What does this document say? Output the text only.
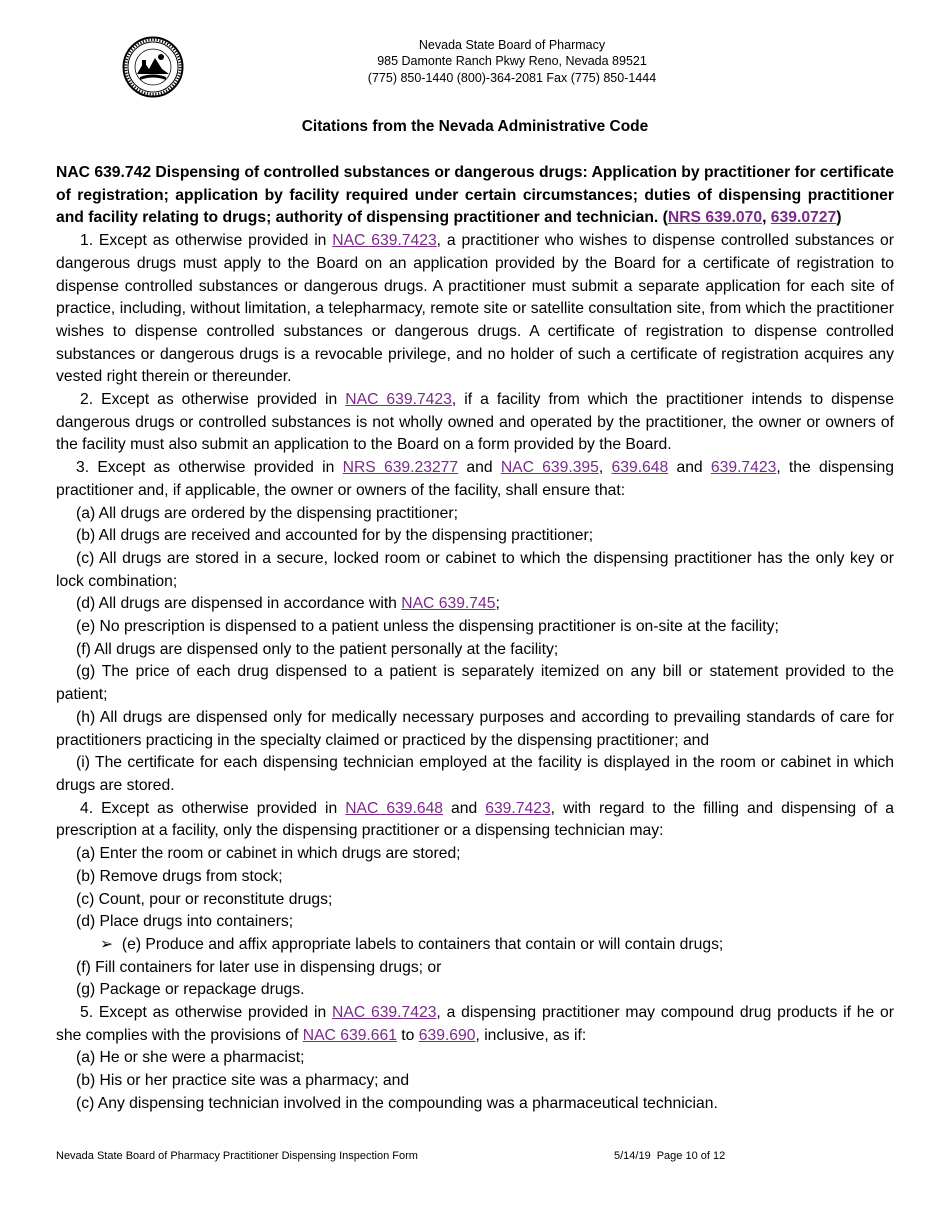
Nevada State Board of Pharmacy
985 Damonte Ranch Pkwy Reno, Nevada 89521
(775) 850-1440 (800)-364-2081 Fax (775) 850-1444
Citations from the Nevada Administrative Code

NAC 639.742 Dispensing of controlled substances or dangerous drugs: Application by practitioner for certificate of registration; application by facility required under certain circumstances; duties of dispensing practitioner and facility relating to drugs; authority of dispensing practitioner and technician. (NRS 639.070, 639.0727)

1. Except as otherwise provided in NAC 639.7423, a practitioner who wishes to dispense controlled substances or dangerous drugs must apply to the Board on an application provided by the Board for a certificate of registration to dispense controlled substances or dangerous drugs. A practitioner must submit a separate application for each site of practice, including, without limitation, a telepharmacy, remote site or satellite consultation site, from which the practitioner wishes to dispense controlled substances or dangerous drugs. A certificate of registration to dispense controlled substances or dangerous drugs is a revocable privilege, and no holder of such a certificate of registration acquires any vested right therein or thereunder.

2. Except as otherwise provided in NAC 639.7423, if a facility from which the practitioner intends to dispense dangerous drugs or controlled substances is not wholly owned and operated by the practitioner, the owner or owners of the facility must also submit an application to the Board on a form provided by the Board.

3. Except as otherwise provided in NRS 639.23277 and NAC 639.395, 639.648 and 639.7423, the dispensing practitioner and, if applicable, the owner or owners of the facility, shall ensure that:

(a) All drugs are ordered by the dispensing practitioner;

(b) All drugs are received and accounted for by the dispensing practitioner;

(c) All drugs are stored in a secure, locked room or cabinet to which the dispensing practitioner has the only key or lock combination;

(d) All drugs are dispensed in accordance with NAC 639.745;

(e) No prescription is dispensed to a patient unless the dispensing practitioner is on-site at the facility;

(f) All drugs are dispensed only to the patient personally at the facility;

(g) The price of each drug dispensed to a patient is separately itemized on any bill or statement provided to the patient;

(h) All drugs are dispensed only for medically necessary purposes and according to prevailing standards of care for practitioners practicing in the specialty claimed or practiced by the dispensing practitioner; and

(i) The certificate for each dispensing technician employed at the facility is displayed in the room or cabinet in which drugs are stored.

4. Except as otherwise provided in NAC 639.648 and 639.7423, with regard to the filling and dispensing of a prescription at a facility, only the dispensing practitioner or a dispensing technician may:

(a) Enter the room or cabinet in which drugs are stored;

(b) Remove drugs from stock;

(c) Count, pour or reconstitute drugs;

(d) Place drugs into containers;

➢ (e) Produce and affix appropriate labels to containers that contain or will contain drugs;

(f) Fill containers for later use in dispensing drugs; or

(g) Package or repackage drugs.

5. Except as otherwise provided in NAC 639.7423, a dispensing practitioner may compound drug products if he or she complies with the provisions of NAC 639.661 to 639.690, inclusive, as if:

(a) He or she were a pharmacist;

(b) His or her practice site was a pharmacy; and

(c) Any dispensing technician involved in the compounding was a pharmaceutical technician.

Nevada State Board of Pharmacy Practitioner Dispensing Inspection Form	5/14/19 Page 10 of 12
